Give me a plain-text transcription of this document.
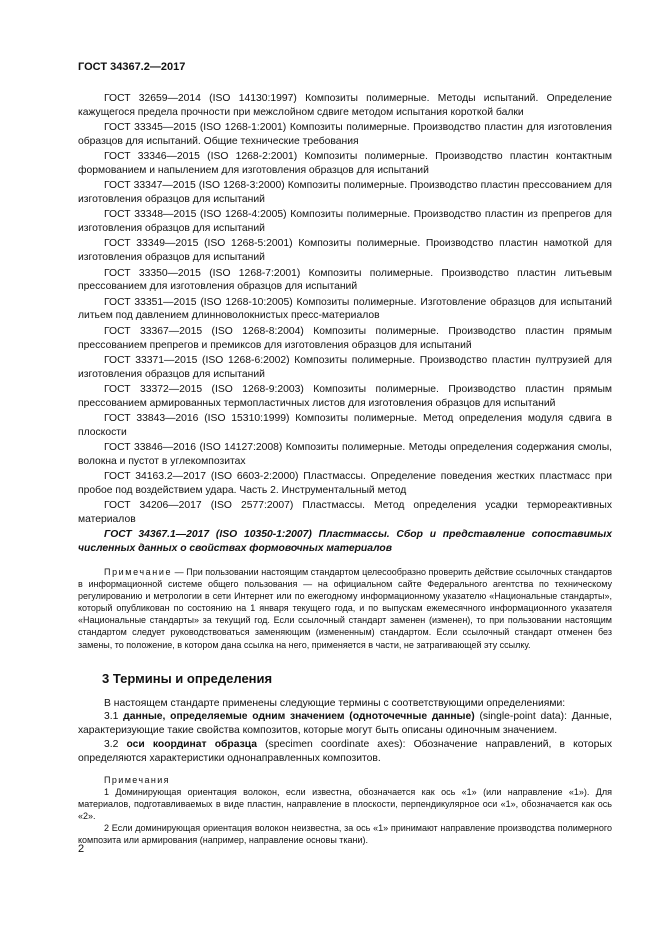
ГОСТ 34367.2—2017

ГОСТ 32659—2014 (ISO 14130:1997) Композиты полимерные. Методы испытаний. Определение кажущегося предела прочности при межслойном сдвиге методом испытания короткой балки

ГОСТ 33345—2015 (ISO 1268-1:2001) Композиты полимерные. Производство пластин для изготовления образцов для испытаний. Общие технические требования

ГОСТ 33346—2015 (ISO 1268-2:2001) Композиты полимерные. Производство пластин контактным формованием и напылением для изготовления образцов для испытаний

ГОСТ 33347—2015 (ISO 1268-3:2000) Композиты полимерные. Производство пластин прессованием для изготовления образцов для испытаний

ГОСТ 33348—2015 (ISO 1268-4:2005) Композиты полимерные. Производство пластин из препрегов для изготовления образцов для испытаний

ГОСТ 33349—2015 (ISO 1268-5:2001) Композиты полимерные. Производство пластин намоткой для изготовления образцов для испытаний

ГОСТ 33350—2015 (ISO 1268-7:2001) Композиты полимерные. Производство пластин литьевым прессованием для изготовления образцов для испытаний

ГОСТ 33351—2015 (ISO 1268-10:2005) Композиты полимерные. Изготовление образцов для испытаний литьем под давлением длинноволокнистых пресс-материалов

ГОСТ 33367—2015 (ISO 1268-8:2004) Композиты полимерные. Производство пластин прямым прессованием препрегов и премиксов для изготовления образцов для испытаний

ГОСТ 33371—2015 (ISO 1268-6:2002) Композиты полимерные. Производство пластин пултрузией для изготовления образцов для испытаний

ГОСТ 33372—2015 (ISO 1268-9:2003) Композиты полимерные. Производство пластин прямым прессованием армированных термопластичных листов для изготовления образцов для испытаний

ГОСТ 33843—2016 (ISO 15310:1999) Композиты полимерные. Метод определения модуля сдвига в плоскости

ГОСТ 33846—2016 (ISO 14127:2008) Композиты полимерные. Методы определения содержания смолы, волокна и пустот в углекомпозитах

ГОСТ 34163.2—2017 (ISO 6603-2:2000) Пластмассы. Определение поведения жестких пластмасс при пробое под воздействием удара. Часть 2. Инструментальный метод

ГОСТ 34206—2017 (ISO 2577:2007) Пластмассы. Метод определения усадки термореактивных материалов

ГОСТ 34367.1—2017 (ISO 10350-1:2007) Пластмассы. Сбор и представление сопоставимых численных данных о свойствах формовочных материалов

Примечание — При пользовании настоящим стандартом целесообразно проверить действие ссылочных стандартов в информационной системе общего пользования — на официальном сайте Федерального агентства по техническому регулированию и метрологии в сети Интернет или по ежегодному информационному указателю «Национальные стандарты», который опубликован по состоянию на 1 января текущего года, и по выпускам ежемесячного информационного указателя «Национальные стандарты» за текущий год. Если ссылочный стандарт заменен (изменен), то при пользовании настоящим стандартом следует руководствоваться заменяющим (измененным) стандартом. Если ссылочный стандарт отменен без замены, то положение, в котором дана ссылка на него, применяется в части, не затрагивающей эту ссылку.

3 Термины и определения

В настоящем стандарте применены следующие термины с соответствующими определениями:

3.1 данные, определяемые одним значением (одноточечные данные) (single-point data): Данные, характеризующие такие свойства композитов, которые могут быть описаны одиночным значением.

3.2 оси координат образца (specimen coordinate axes): Обозначение направлений, в которых определяются характеристики однонаправленных композитов.

Примечания

1 Доминирующая ориентация волокон, если известна, обозначается как ось «1» (или направление «1»). Для материалов, подготавливаемых в виде пластин, направление в плоскости, перпендикулярное оси «1», обозначается как ось «2».

2 Если доминирующая ориентация волокон неизвестна, за ось «1» принимают направление производства полимерного композита или армирования (например, направление основы ткани).

2
